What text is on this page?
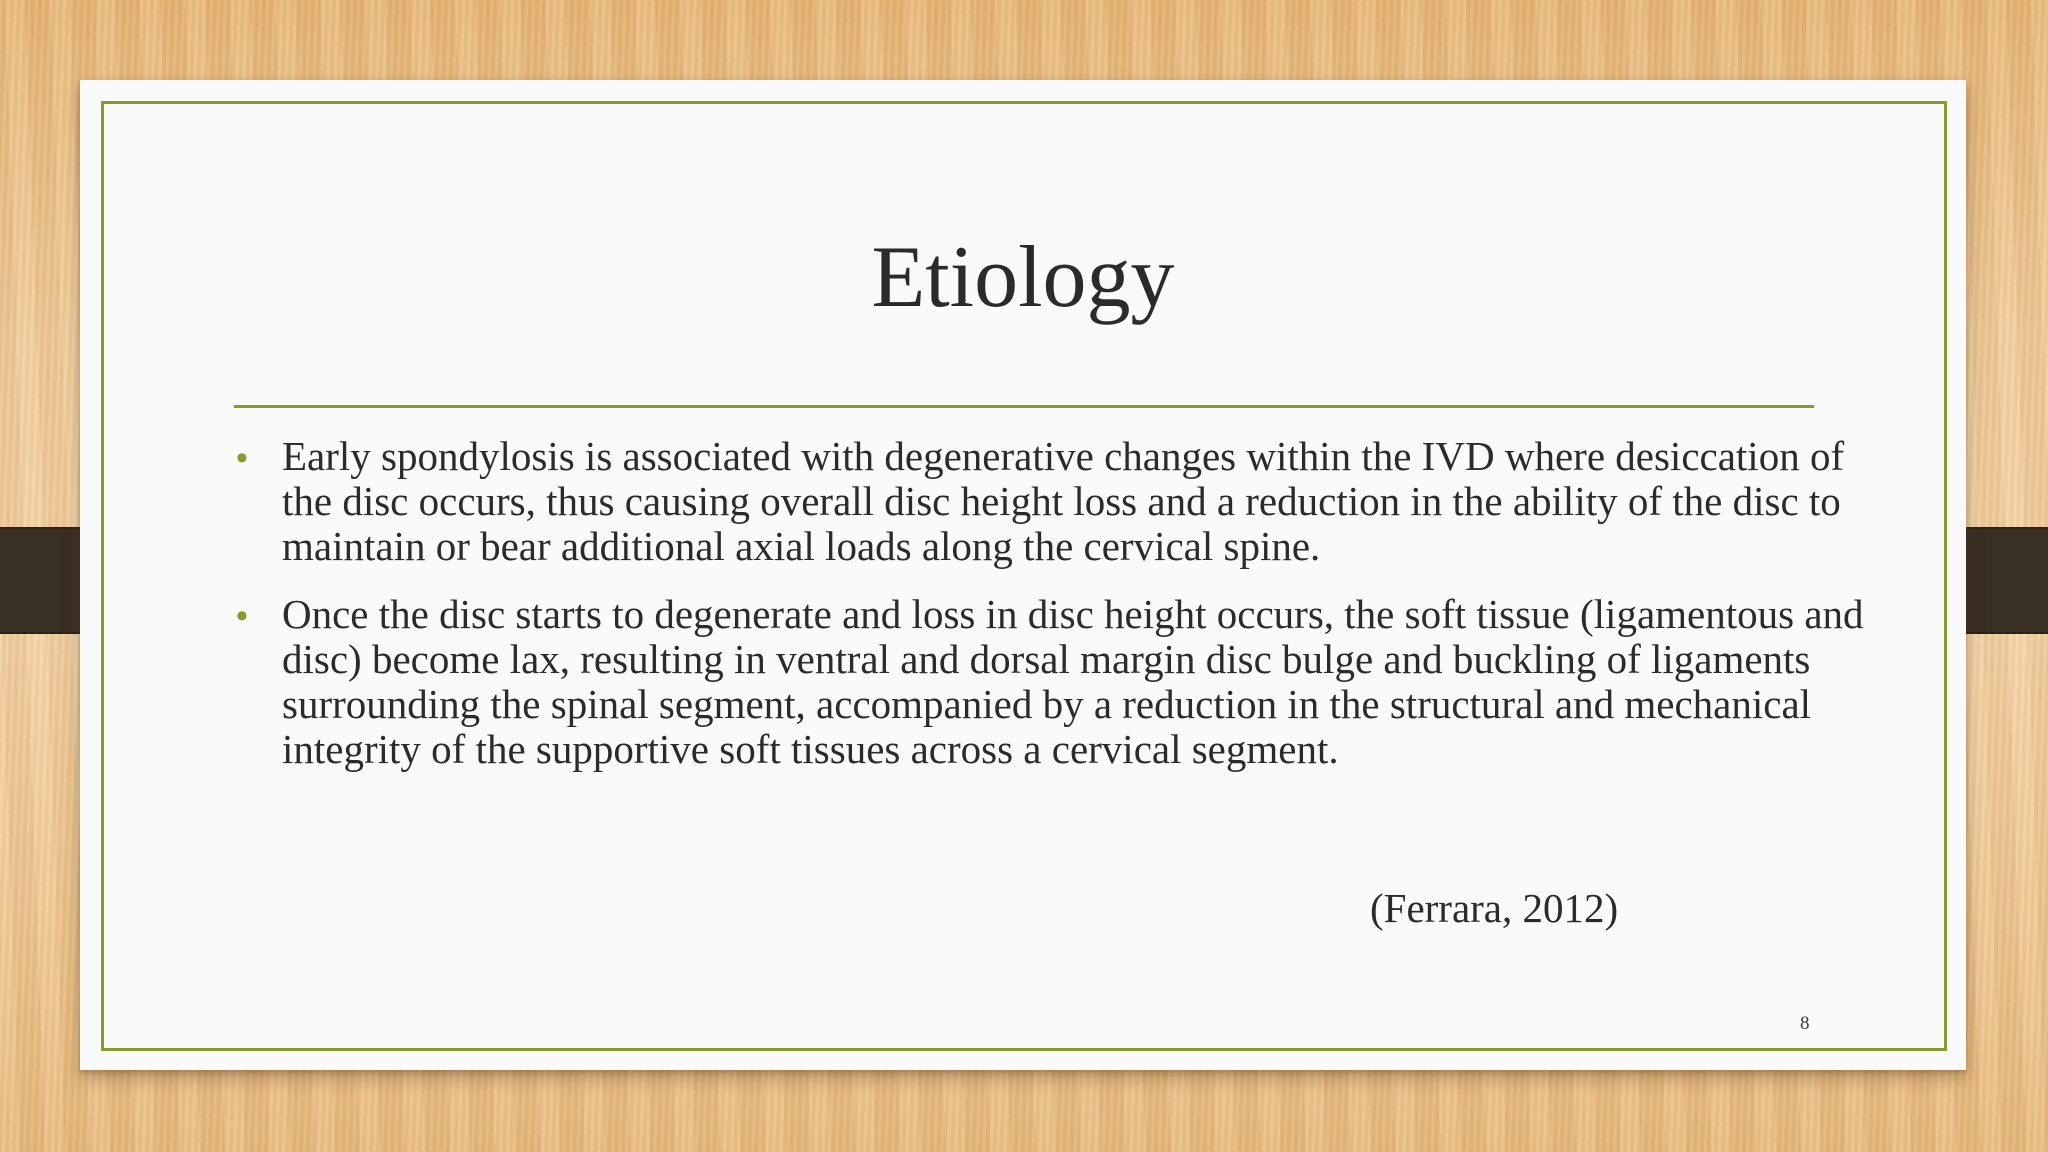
Etiology
• Early spondylosis is associated with degenerative changes within the IVD where desiccation of the disc occurs, thus causing overall disc height loss and a reduction in the ability of the disc to maintain or bear additional axial loads along the cervical spine.
• Once the disc starts to degenerate and loss in disc height occurs, the soft tissue (ligamentous and disc) become lax, resulting in ventral and dorsal margin disc bulge and buckling of ligaments surrounding the spinal segment, accompanied by a reduction in the structural and mechanical integrity of the supportive soft tissues across a cervical segment.
(Ferrara, 2012)
8
